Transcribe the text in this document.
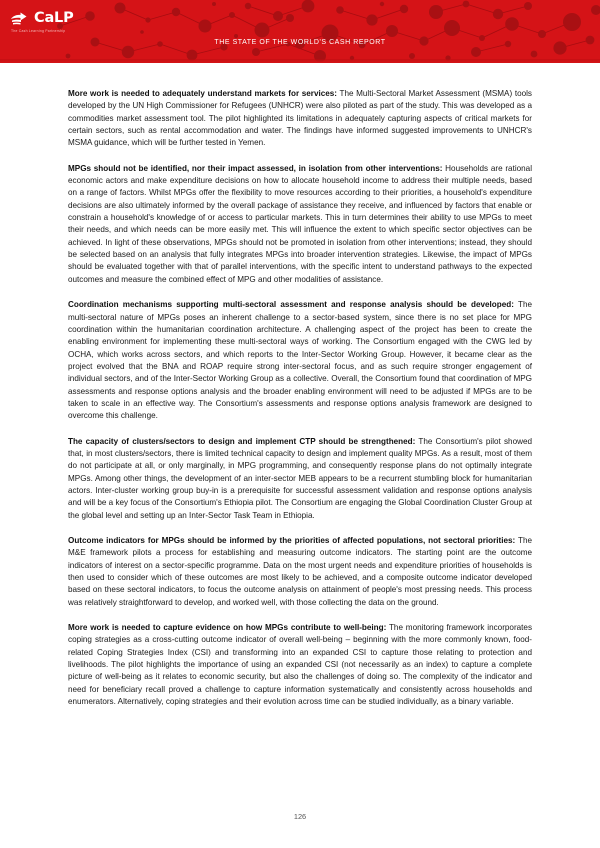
CaLP
The Cash Learning Partnership
THE STATE OF THE WORLD'S CASH REPORT

More work is needed to adequately understand markets for services: The Multi-Sectoral Market Assessment (MSMA) tools developed by the UN High Commissioner for Refugees (UNHCR) were also piloted as part of the study. This was developed as a commodities market assessment tool. The pilot highlighted its limitations in adequately capturing aspects of critical markets for certain sectors, such as rental accommodation and water. The findings have informed suggested improvements to UNHCR's MSMA guidance, which will be further tested in Yemen.

MPGs should not be identified, nor their impact assessed, in isolation from other interventions: Households are rational economic actors and make expenditure decisions on how to allocate household income to address their multiple needs, based on a range of factors. Whilst MPGs offer the flexibility to move resources according to their priorities, a household's expenditure decisions are also ultimately informed by the overall package of assistance they receive, and influenced by factors that enable or constrain a household's knowledge of or access to particular markets. This in turn determines their ability to use MPGs to meet their needs, and which needs can be more easily met. This will influence the extent to which specific sector objectives can be achieved. In light of these observations, MPGs should not be promoted in isolation from other interventions; instead, they should be selected based on an analysis that fully integrates MPGs into broader intervention strategies. Likewise, the impact of MPGs should be evaluated together with that of parallel interventions, with the specific intent to understand pathways to the expected outcomes and measure the combined effect of MPG and other modalities of assistance.

Coordination mechanisms supporting multi-sectoral assessment and response analysis should be developed: The multi-sectoral nature of MPGs poses an inherent challenge to a sector-based system, since there is no set place for MPG coordination within the humanitarian coordination architecture. A challenging aspect of the project has been to create the enabling environment for implementing these multi-sectoral ways of working. The Consortium engaged with the CWG led by OCHA, which works across sectors, and which reports to the Inter-Sector Working Group. However, it became clear as the project evolved that the BNA and ROAP require strong inter-sectoral focus, and as such require stronger engagement of individual sectors, and of the Inter-Sector Working Group as a collective. Overall, the Consortium found that coordination of MPG assessments and response options analysis and the broader enabling environment will need to be adjusted if MPGs are to be taken to scale in an effective way. The Consortium's assessments and response options analysis framework are designed to overcome this challenge.

The capacity of clusters/sectors to design and implement CTP should be strengthened: The Consortium's pilot showed that, in most clusters/sectors, there is limited technical capacity to design and implement quality MPGs. As a result, most of them do not participate at all, or only marginally, in MPG programming, and consequently response plans do not optimally integrate MPGs. Among other things, the development of an inter-sector MEB appears to be a recurrent stumbling block for humanitarian actors. Inter-cluster working group buy-in is a prerequisite for successful assessment validation and response options analysis and will be a key focus of the Consortium's Ethiopia pilot. The Consortium are engaging the Global Coordination Cluster Group at the global level and setting up an Inter-Sector Task Team in Ethiopia.

Outcome indicators for MPGs should be informed by the priorities of affected populations, not sectoral priorities: The M&E framework pilots a process for establishing and measuring outcome indicators. The starting point are the outcome indicators of interest on a sector-specific programme. Data on the most urgent needs and expenditure priorities of households is then used to consider which of these outcomes are most likely to be achieved, and a composite outcome indicator developed based on these sectoral indicators, to focus the outcome analysis on attainment of people's most pressing needs. This process was relatively straightforward to develop, and worked well, with those collecting the data on the ground.

More work is needed to capture evidence on how MPGs contribute to well-being: The monitoring framework incorporates coping strategies as a cross-cutting outcome indicator of overall well-being – beginning with the more commonly known, food-related Coping Strategies Index (CSI) and transforming into an expanded CSI to capture those relating to protection and livelihoods. The pilot highlights the importance of using an expanded CSI (not necessarily as an index) to capture a complete picture of well-being as it relates to economic security, but also the challenges of doing so. The complexity of the indicator and need for beneficiary recall proved a challenge to capture information systematically and consistently across households and enumerators. Alternatively, coping strategies and their evolution across time can be studied individually, as a binary variable.

126
